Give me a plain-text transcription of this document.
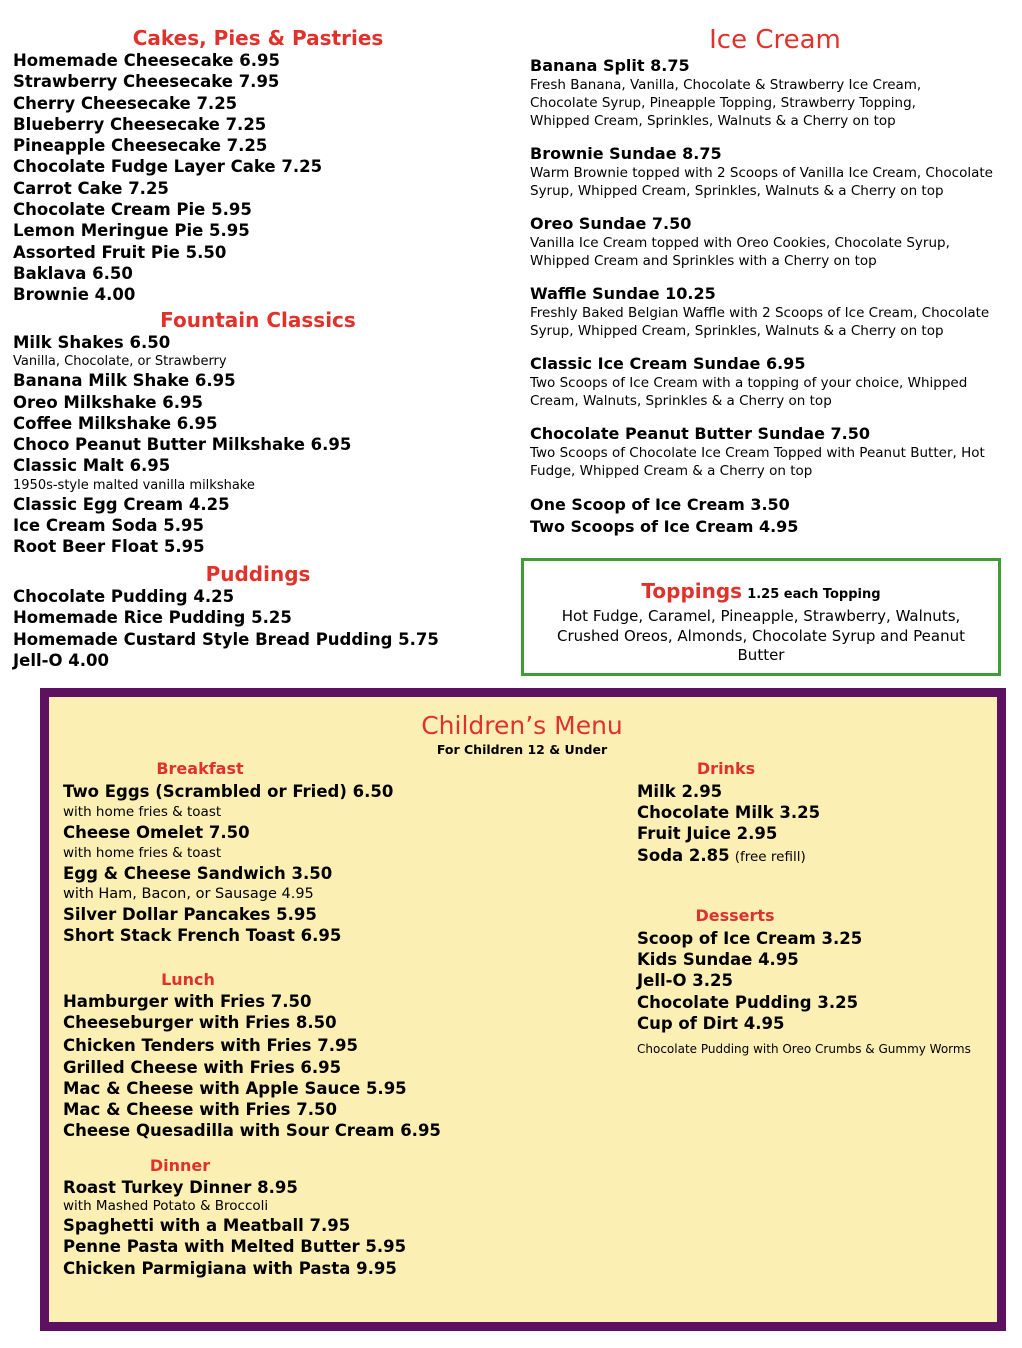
Cakes, Pies & Pastries
Homemade Cheesecake 6.95
Strawberry Cheesecake 7.95
Cherry Cheesecake 7.25
Blueberry Cheesecake 7.25
Pineapple Cheesecake 7.25
Chocolate Fudge Layer Cake 7.25
Carrot Cake 7.25
Chocolate Cream Pie 5.95
Lemon Meringue Pie 5.95
Assorted Fruit Pie 5.50
Baklava 6.50
Brownie 4.00
Fountain Classics
Milk Shakes 6.50
Vanilla, Chocolate, or Strawberry
Banana Milk Shake 6.95
Oreo Milkshake 6.95
Coffee Milkshake 6.95
Choco Peanut Butter Milkshake 6.95
Classic Malt 6.95
1950s-style malted vanilla milkshake
Classic Egg Cream 4.25
Ice Cream Soda 5.95
Root Beer Float 5.95
Puddings
Chocolate Pudding 4.25
Homemade Rice Pudding 5.25
Homemade Custard Style Bread Pudding 5.75
Jell-O 4.00
Ice Cream
Banana Split 8.75
Fresh Banana, Vanilla, Chocolate & Strawberry Ice Cream, Chocolate Syrup, Pineapple Topping, Strawberry Topping, Whipped Cream, Sprinkles, Walnuts & a Cherry on top
Brownie Sundae 8.75
Warm Brownie topped with 2 Scoops of Vanilla Ice Cream, Chocolate Syrup, Whipped Cream, Sprinkles, Walnuts & a Cherry on top
Oreo Sundae 7.50
Vanilla Ice Cream topped with Oreo Cookies, Chocolate Syrup, Whipped Cream and Sprinkles with a Cherry on top
Waffle Sundae 10.25
Freshly Baked Belgian Waffle with 2 Scoops of Ice Cream, Chocolate Syrup, Whipped Cream, Sprinkles, Walnuts & a Cherry on top
Classic Ice Cream Sundae 6.95
Two Scoops of Ice Cream with a topping of your choice, Whipped Cream, Walnuts, Sprinkles & a Cherry on top
Chocolate Peanut Butter Sundae 7.50
Two Scoops of Chocolate Ice Cream Topped with Peanut Butter, Hot Fudge, Whipped Cream & a Cherry on top
One Scoop of Ice Cream 3.50
Two Scoops of Ice Cream 4.95
Toppings 1.25 each Topping
Hot Fudge, Caramel, Pineapple, Strawberry, Walnuts, Crushed Oreos, Almonds, Chocolate Syrup and Peanut Butter
Children’s Menu
For Children 12 & Under
Breakfast
Two Eggs (Scrambled or Fried) 6.50
with home fries & toast
Cheese Omelet 7.50
with home fries & toast
Egg & Cheese Sandwich 3.50
with Ham, Bacon, or Sausage 4.95
Silver Dollar Pancakes 5.95
Short Stack French Toast 6.95
Lunch
Hamburger with Fries 7.50
Cheeseburger with Fries 8.50
Chicken Tenders with Fries 7.95
Grilled Cheese with Fries 6.95
Mac & Cheese with Apple Sauce 5.95
Mac & Cheese with Fries 7.50
Cheese Quesadilla with Sour Cream 6.95
Dinner
Roast Turkey Dinner 8.95
with Mashed Potato & Broccoli
Spaghetti with a Meatball 7.95
Penne Pasta with Melted Butter 5.95
Chicken Parmigiana with Pasta 9.95
Drinks
Milk 2.95
Chocolate Milk 3.25
Fruit Juice 2.95
Soda 2.85 (free refill)
Desserts
Scoop of Ice Cream 3.25
Kids Sundae 4.95
Jell-O 3.25
Chocolate Pudding 3.25
Cup of Dirt 4.95
Chocolate Pudding with Oreo Crumbs & Gummy Worms
